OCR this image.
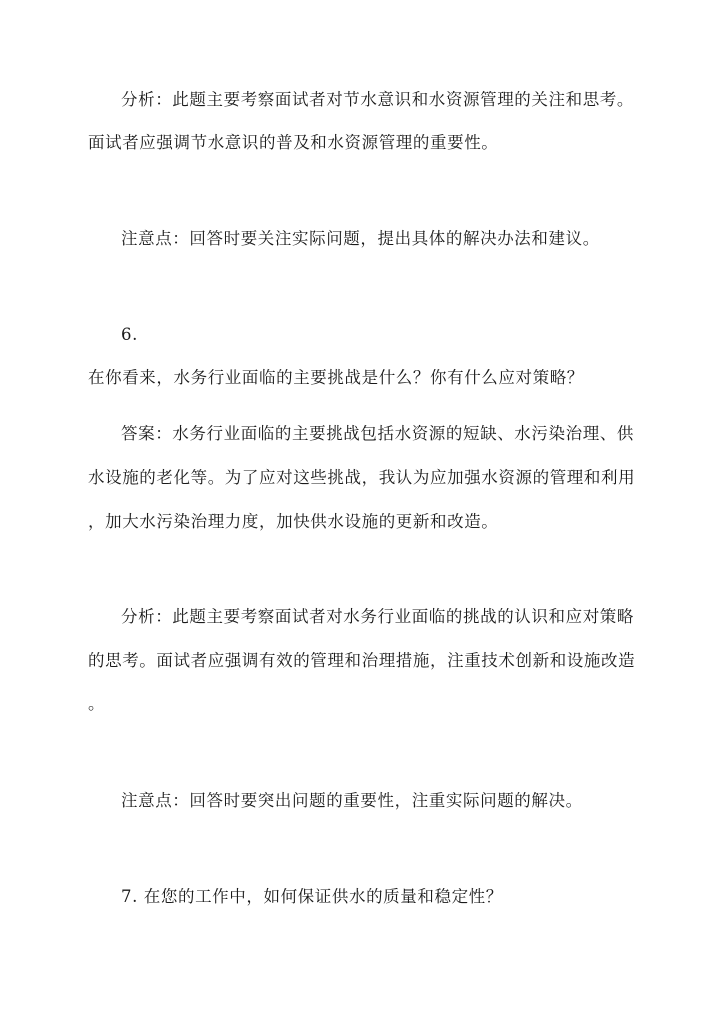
分析：此题主要考察面试者对节水意识和水资源管理的关注和思考。
面试者应强调节水意识的普及和水资源管理的重要性。
注意点：回答时要关注实际问题，提出具体的解决办法和建议。
6.
在你看来，水务行业面临的主要挑战是什么？你有什么应对策略？
答案：水务行业面临的主要挑战包括水资源的短缺、水污染治理、供
水设施的老化等。为了应对这些挑战，我认为应加强水资源的管理和利用
，加大水污染治理力度，加快供水设施的更新和改造。
分析：此题主要考察面试者对水务行业面临的挑战的认识和应对策略
的思考。面试者应强调有效的管理和治理措施，注重技术创新和设施改造
。
注意点：回答时要突出问题的重要性，注重实际问题的解决。
7. 在您的工作中，如何保证供水的质量和稳定性？
